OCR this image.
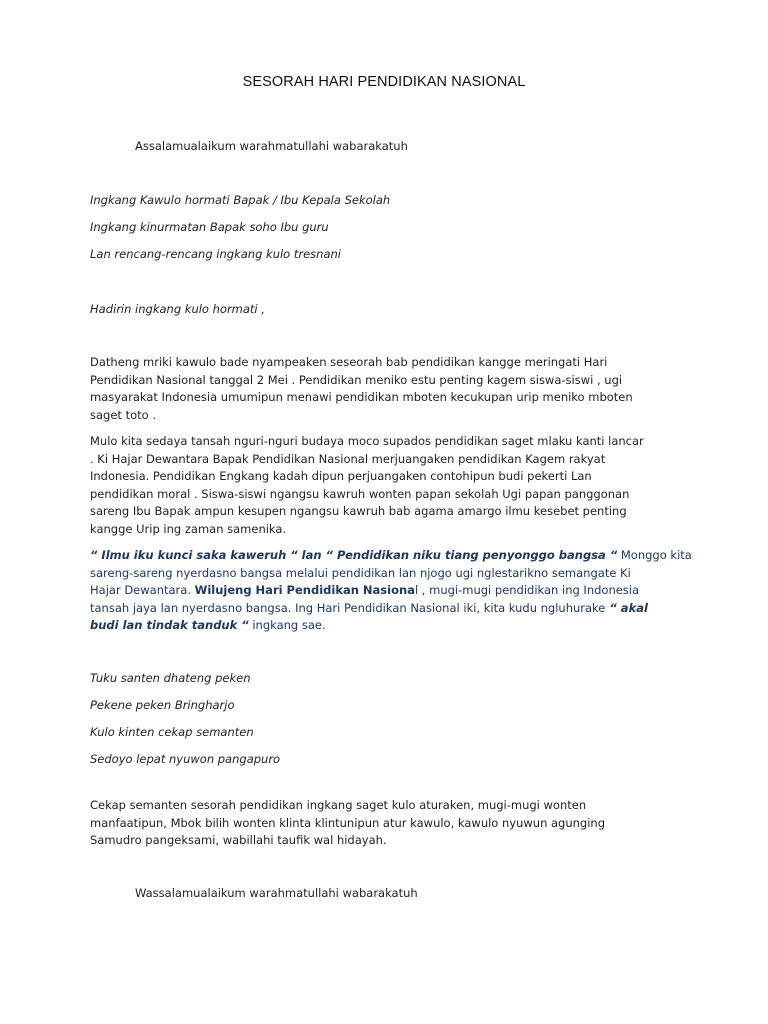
SESORAH HARI PENDIDIKAN NASIONAL
Assalamualaikum warahmatullahi wabarakatuh
Ingkang Kawulo hormati Bapak / Ibu Kepala Sekolah
Ingkang kinurmatan Bapak soho Ibu guru
Lan rencang-rencang ingkang kulo tresnani
Hadirin ingkang kulo hormati ,
Datheng mriki kawulo bade nyampeaken seseorah bab pendidikan kangge meringati Hari
Pendidikan Nasional tanggal 2 Mei . Pendidikan meniko estu penting kagem siswa-siswi , ugi
masyarakat Indonesia umumipun menawi pendidikan mboten kecukupan urip meniko mboten
saget toto .
Mulo kita sedaya tansah nguri-nguri budaya moco supados pendidikan saget mlaku kanti lancar
. Ki Hajar Dewantara Bapak Pendidikan Nasional merjuangaken pendidikan Kagem rakyat
Indonesia. Pendidikan Engkang kadah dipun perjuangaken contohipun budi pekerti Lan
pendidikan moral . Siswa-siswi ngangsu kawruh wonten papan sekolah Ugi papan panggonan
sareng Ibu Bapak ampun kesupen ngangsu kawruh bab agama amargo ilmu kesebet penting
kangge Urip ing zaman samenika.
“ Ilmu iku kunci saka kaweruh “ lan “ Pendidikan niku tiang penyonggo bangsa “ Monggo kita
sareng-sareng nyerdasno bangsa melalui pendidikan lan njogo ugi nglestarikno semangate Ki
Hajar Dewantara. Wilujeng Hari Pendidikan Nasional , mugi-mugi pendidikan ing Indonesia
tansah jaya lan nyerdasno bangsa. Ing Hari Pendidikan Nasional iki, kita kudu ngluhurake “ akal
budi lan tindak tanduk “ ingkang sae.
Tuku santen dhateng peken
Pekene peken Bringharjo
Kulo kinten cekap semanten
Sedoyo lepat nyuwon pangapuro
Cekap semanten sesorah pendidikan ingkang saget kulo aturaken, mugi-mugi wonten
manfaatipun, Mbok bilih wonten klinta klintunipun atur kawulo, kawulo nyuwun agunging
Samudro pangeksami, wabillahi taufik wal hidayah.
Wassalamualaikum warahmatullahi wabarakatuh
